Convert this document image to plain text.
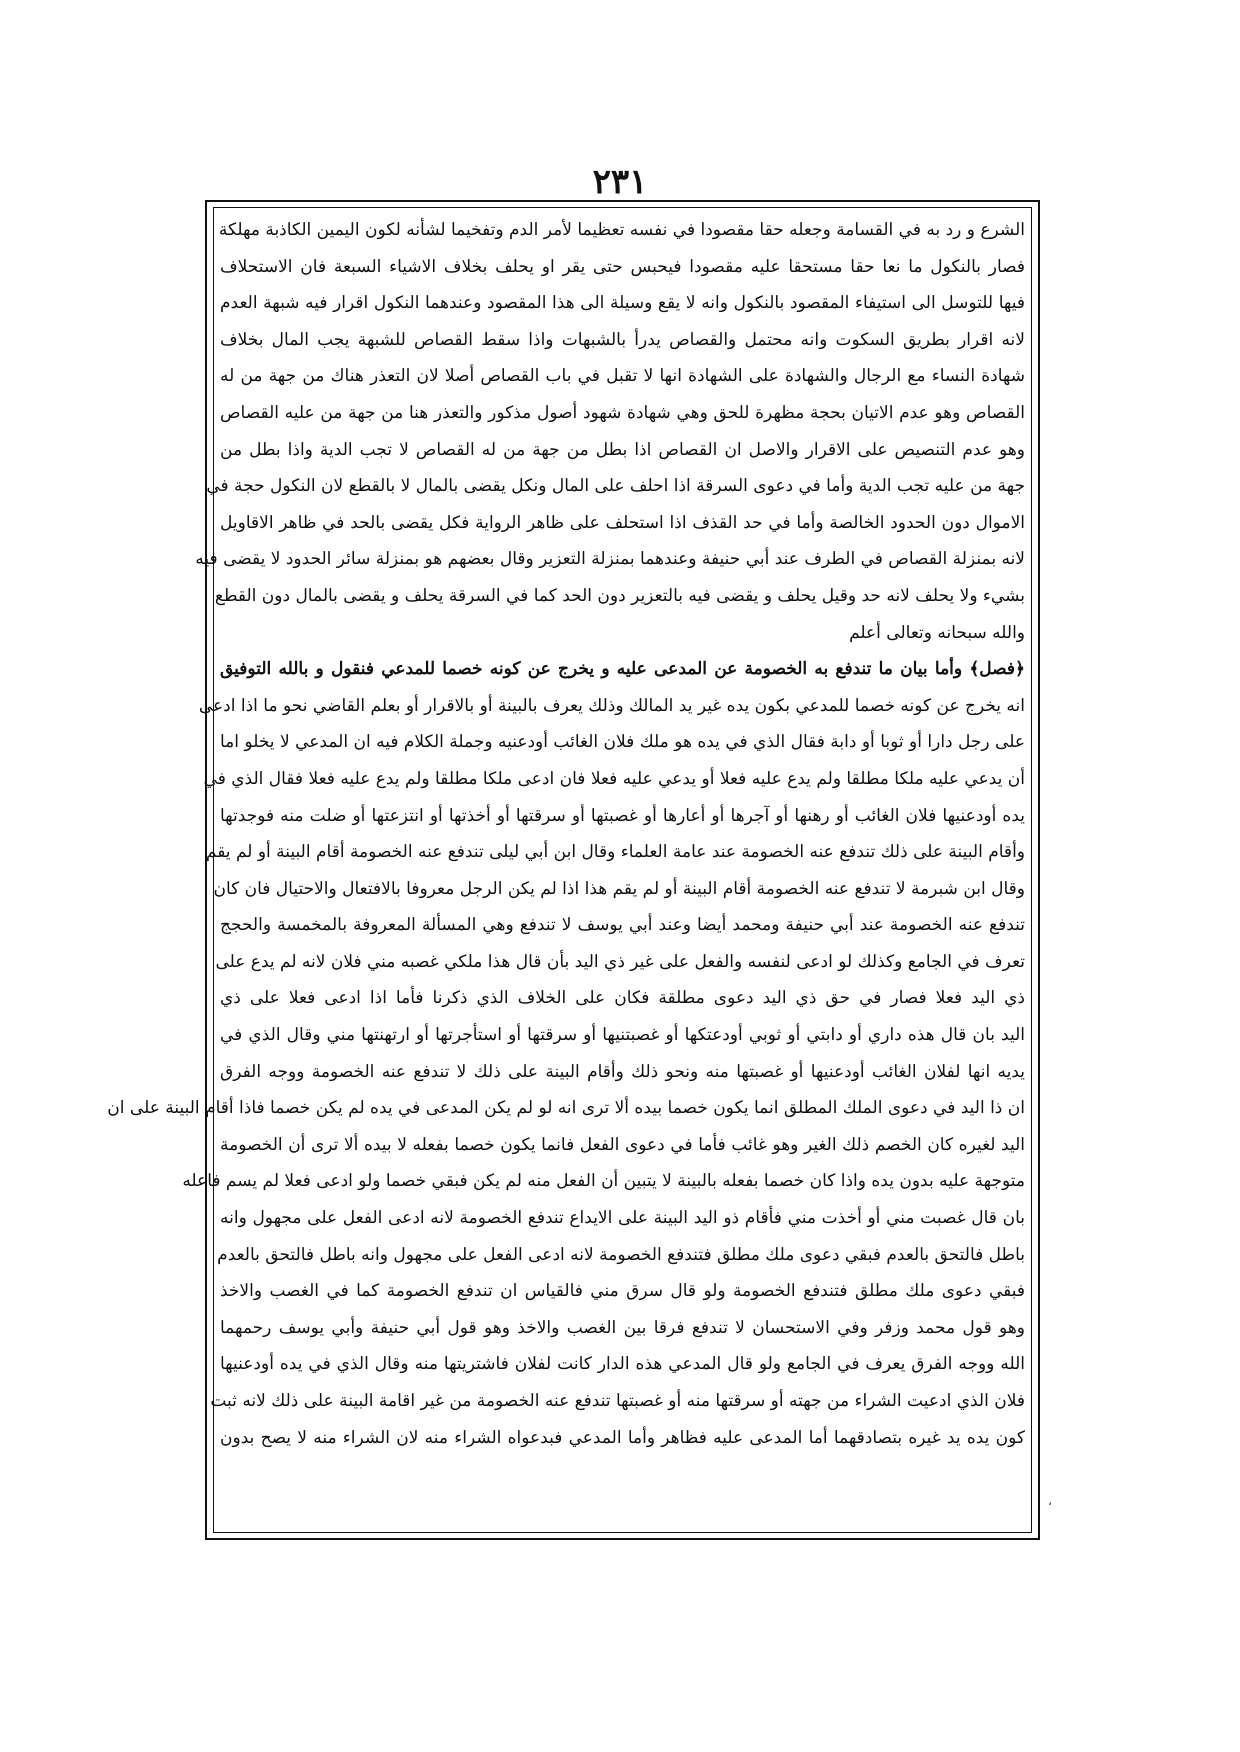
٢٣١
الشرع و رد به في القسامة وجعله حقا مقصودا في نفسه تعظيما لأمر الدم وتفخيما لشأنه لكون اليمين الكاذبة مهلكة
فصار بالنكول ما نعا حقا مستحقا عليه مقصودا فيحبس حتى يقر او يحلف بخلاف الاشياء السبعة فان الاستحلاف
فيها للتوسل الى استيفاء المقصود بالنكول وانه لا يقع وسيلة الى هذا المقصود وعندهما النكول اقرار فيه شبهة العدم
لانه اقرار بطريق السكوت وانه محتمل والقصاص يدرأ بالشبهات واذا سقط القصاص للشبهة يجب المال بخلاف
شهادة النساء مع الرجال والشهادة على الشهادة انها لا تقبل في باب القصاص أصلا لان التعذر هناك من جهة من له
القصاص وهو عدم الاتيان بحجة مظهرة للحق وهي شهادة شهود أصول مذكور والتعذر هنا من جهة من عليه القصاص
وهو عدم التنصيص على الاقرار والاصل ان القصاص اذا بطل من جهة من له القصاص لا تجب الدية واذا بطل من
جهة من عليه تجب الدية وأما في دعوى السرقة اذا احلف على المال ونكل يقضى بالمال لا بالقطع لان النكول حجة في
الاموال دون الحدود الخالصة وأما في حد القذف اذا استحلف على ظاهر الرواية فكل يقضى بالحد في ظاهر الاقاويل
لانه بمنزلة القصاص في الطرف عند أبي حنيفة وعندهما بمنزلة التعزير وقال بعضهم هو بمنزلة سائر الحدود لا يقضى فيه
بشيء ولا يحلف لانه حد وقيل يحلف و يقضى فيه بالتعزير دون الحد كما في السرقة يحلف و يقضى بالمال دون القطع
والله سبحانه وتعالى أعلم
﴿فصل﴾ وأما بيان ما تندفع به الخصومة عن المدعى عليه و يخرج عن كونه خصما للمدعي فنقول و بالله التوفيق
انه يخرج عن كونه خصما للمدعي بكون يده غير يد المالك وذلك يعرف بالبينة أو بالاقرار أو بعلم القاضي نحو ما اذا ادعى
على رجل دارا أو ثوبا أو دابة فقال الذي في يده هو ملك فلان الغائب أودعنيه وجملة الكلام فيه ان المدعي لا يخلو اما
أن يدعي عليه ملكا مطلقا ولم يدع عليه فعلا أو يدعي عليه فعلا فان ادعى ملكا مطلقا ولم يدع عليه فعلا فقال الذي في
يده أودعنيها فلان الغائب أو رهنها أو آجرها أو أعارها أو غصبتها أو سرقتها أو أخذتها أو انتزعتها أو ضلت منه فوجدتها
وأقام البينة على ذلك تندفع عنه الخصومة عند عامة العلماء وقال ابن أبي ليلى تندفع عنه الخصومة أقام البينة أو لم يقم
وقال ابن شبرمة لا تندفع عنه الخصومة أقام البينة أو لم يقم هذا اذا لم يكن الرجل معروفا بالافتعال والاحتيال فان كان
تندفع عنه الخصومة عند أبي حنيفة ومحمد أيضا وعند أبي يوسف لا تندفع وهي المسألة المعروفة بالمخمسة والحجج
تعرف في الجامع وكذلك لو ادعى لنفسه والفعل على غير ذي اليد بأن قال هذا ملكي غصبه مني فلان لانه لم يدع على
ذي اليد فعلا فصار في حق ذي اليد دعوى مطلقة فكان على الخلاف الذي ذكرنا فأما اذا ادعى فعلا على ذي
اليد بان قال هذه داري أو دابتي أو ثوبي أودعتكها أو غصبتنيها أو سرقتها أو استأجرتها أو ارتهنتها مني وقال الذي في
يديه انها لفلان الغائب أودعنيها أو غصبتها منه ونحو ذلك وأقام البينة على ذلك لا تندفع عنه الخصومة ووجه الفرق
ان ذا اليد في دعوى الملك المطلق انما يكون خصما بيده ألا ترى انه لو لم يكن المدعى في يده لم يكن خصما فاذا أقام البينة على ان
اليد لغيره كان الخصم ذلك الغير وهو غائب فأما في دعوى الفعل فانما يكون خصما بفعله لا بيده ألا ترى أن الخصومة
متوجهة عليه بدون يده واذا كان خصما بفعله بالبينة لا يتبين أن الفعل منه لم يكن فبقي خصما ولو ادعى فعلا لم يسم فاعله
بان قال غصبت مني أو أخذت مني فأقام ذو اليد البينة على الايداع تندفع الخصومة لانه ادعى الفعل على مجهول وانه
باطل فالتحق بالعدم فبقي دعوى ملك مطلق فتندفع الخصومة لانه ادعى الفعل على مجهول وانه باطل فالتحق بالعدم
فبقي دعوى ملك مطلق فتندفع الخصومة ولو قال سرق مني فالقياس ان تندفع الخصومة كما في الغصب والاخذ
وهو قول محمد وزفر وفي الاستحسان لا تندفع فرقا بين الغصب والاخذ وهو قول أبي حنيفة وأبي يوسف رحمهما
الله ووجه الفرق يعرف في الجامع ولو قال المدعي هذه الدار كانت لفلان فاشتريتها منه وقال الذي في يده أودعنيها
فلان الذي ادعيت الشراء من جهته أو سرقتها منه أو غصبتها تندفع عنه الخصومة من غير اقامة البينة على ذلك لانه ثبت
كون يده يد غيره بتصادقهما أما المدعى عليه فظاهر وأما المدعي فبدعواه الشراء منه لان الشراء منه لا يصح بدون
،
